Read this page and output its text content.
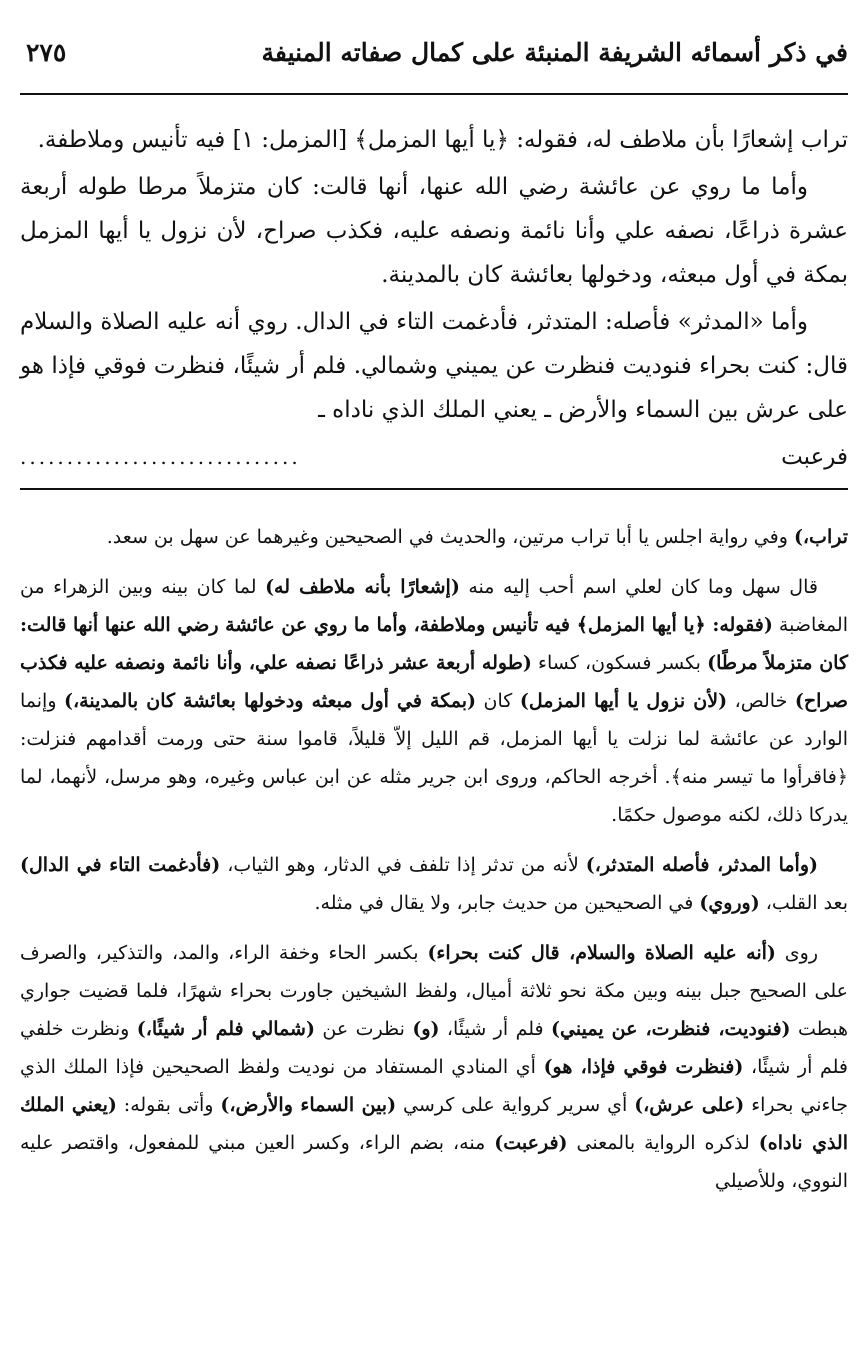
في ذكر أسمائه الشريفة المنبئة على كمال صفاته المنيفة
٢٧٥

تراب إشعارًا بأن ملاطف له، فقوله: ﴿يا أيها المزمل﴾ [المزمل: ١] فيه تأنيس وملاطفة.

وأما ما روي عن عائشة رضي الله عنها، أنها قالت: كان متزملاً مرطا طوله أربعة عشرة ذراعًا، نصفه علي وأنا نائمة ونصفه عليه، فكذب صراح، لأن نزول يا أيها المزمل بمكة في أول مبعثه، ودخولها بعائشة كان بالمدينة.

وأما «المدثر» فأصله: المتدثر، فأدغمت التاء في الدال. روي أنه عليه الصلاة والسلام قال: كنت بحراء فنوديت فنظرت عن يميني وشمالي. فلم أر شيئًا، فنظرت فوقي فإذا هو على عرش بين السماء والأرض ـ يعني الملك الذي ناداه ـ

فرعبت
..............................

تراب،) وفي رواية اجلس يا أبا تراب مرتين، والحديث في الصحيحين وغيرهما عن سهل بن سعد.

قال سهل وما كان لعلي اسم أحب إليه منه (إشعارًا بأنه ملاطف له) لما كان بينه وبين الزهراء من المغاضبة (فقوله: ﴿يا أيها المزمل﴾ فيه تأنيس وملاطفة، وأما ما روي عن عائشة رضي الله عنها أنها قالت: كان متزملاً مرطًا) بكسر فسكون، كساء (طوله أربعة عشر ذراعًا نصفه علي، وأنا نائمة ونصفه عليه فكذب صراح) خالص، (لأن نزول يا أيها المزمل) كان (بمكة في أول مبعثه ودخولها بعائشة كان بالمدينة،) وإنما الوارد عن عائشة لما نزلت يا أيها المزمل، قم الليل إلاّ قليلاً، قاموا سنة حتى ورمت أقدامهم فنزلت: ﴿فاقرأوا ما تيسر منه﴾. أخرجه الحاكم، وروى ابن جرير مثله عن ابن عباس وغيره، وهو مرسل، لأنهما، لما يدركا ذلك، لكنه موصول حكمًا.

(وأما المدثر، فأصله المتدثر،) لأنه من تدثر إذا تلفف في الدثار، وهو الثياب، (فأدغمت التاء في الدال) بعد القلب، (وروي) في الصحيحين من حديث جابر، ولا يقال في مثله.

روى (أنه عليه الصلاة والسلام، قال كنت بحراء) بكسر الحاء وخفة الراء، والمد، والتذكير، والصرف على الصحيح جبل بينه وبين مكة نحو ثلاثة أميال، ولفظ الشيخين جاورت بحراء شهرًا، فلما قضيت جواري هبطت (فنوديت، فنظرت، عن يميني) فلم أر شيئًا، (و) نظرت عن (شمالي فلم أر شيئًا،) ونظرت خلفي فلم أر شيئًا، (فنظرت فوقي فإذا، هو) أي المنادي المستفاد من نوديت ولفظ الصحيحين فإذا الملك الذي جاءني بحراء (على عرش،) أي سرير كرواية على كرسي (بين السماء والأرض،) وأتى بقوله: (يعني الملك الذي ناداه) لذكره الرواية بالمعنى (فرعبت) منه، بضم الراء، وكسر العين مبني للمفعول، واقتصر عليه النووي، وللأصيلي
